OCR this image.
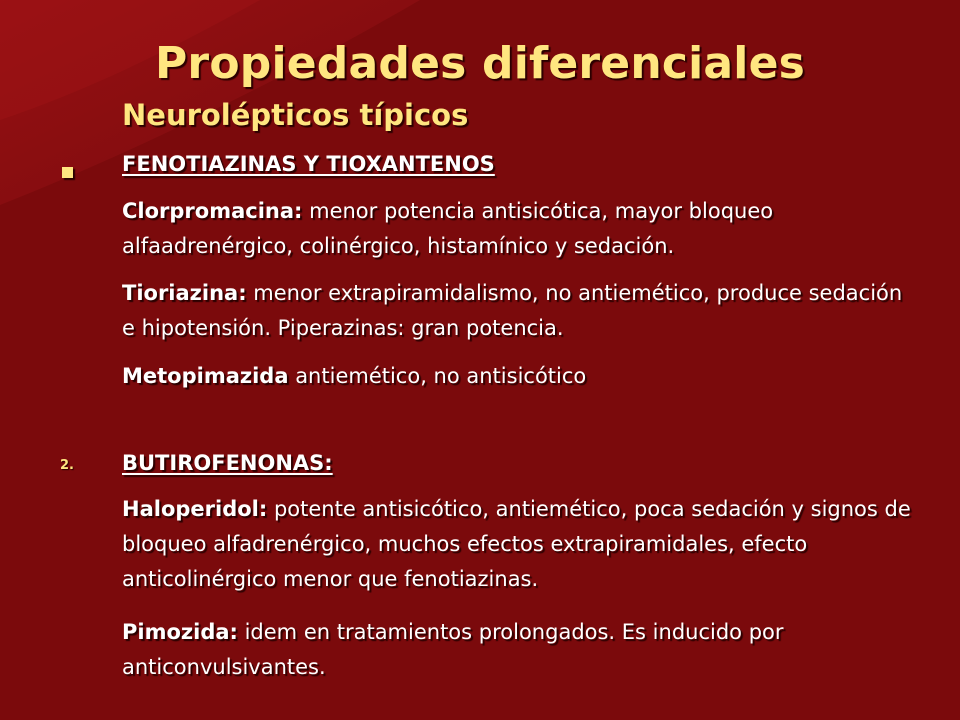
Propiedades diferenciales
Neurolépticos típicos
FENOTIAZINAS Y TIOXANTENOS

Clorpromacina: menor potencia antisicótica, mayor bloqueo alfaadrenérgico, colinérgico, histamínico y sedación.

Tioriazina: menor extrapiramidalismo, no antiemético, produce sedación e hipotensión. Piperazinas: gran potencia.

Metopimazida antiemético, no antisicótico

2. BUTIROFENONAS:

Haloperidol: potente antisicótico, antiemético, poca sedación y signos de bloqueo alfadrenérgico, muchos efectos extrapiramidales, efecto anticolinérgico menor que fenotiazinas.

Pimozida: idem en tratamientos prolongados. Es inducido por anticonvulsivantes.
